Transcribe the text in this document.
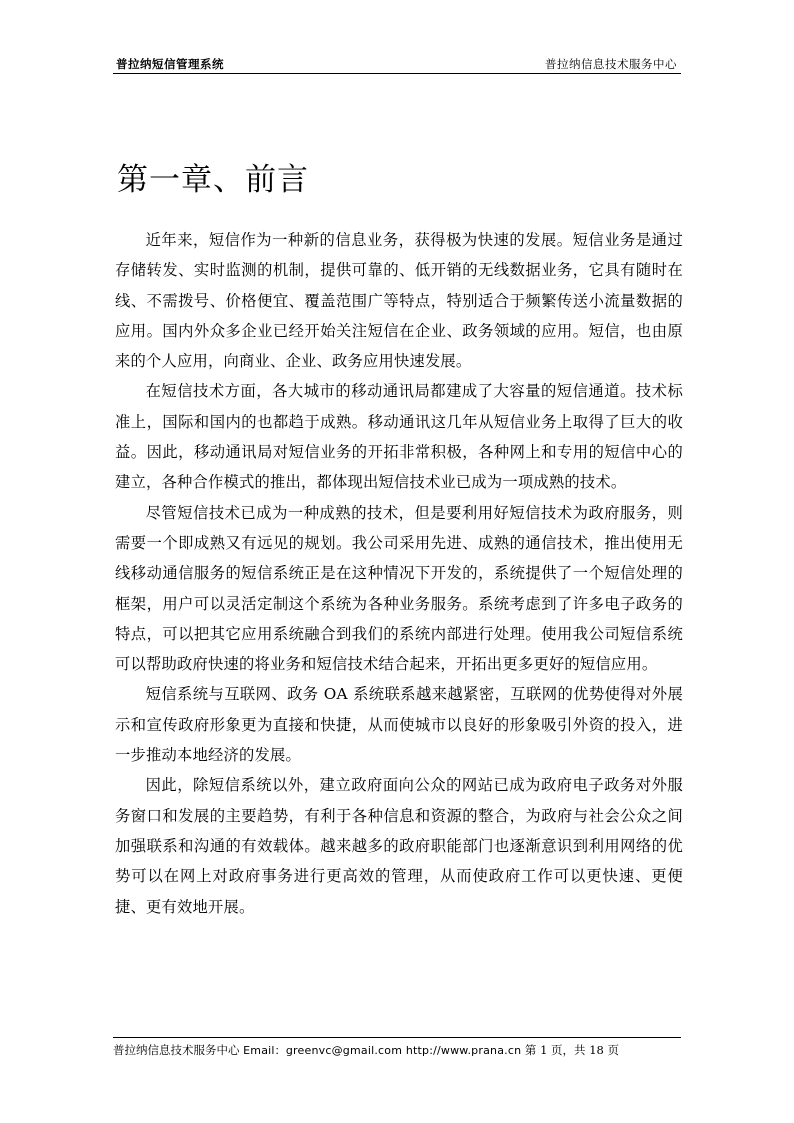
普拉纳短信管理系统	普拉纳信息技术服务中心
第一章、前言

近年来，短信作为一种新的信息业务，获得极为快速的发展。短信业务是通过存储转发、实时监测的机制，提供可靠的、低开销的无线数据业务，它具有随时在线、不需拨号、价格便宜、覆盖范围广等特点，特别适合于频繁传送小流量数据的应用。国内外众多企业已经开始关注短信在企业、政务领域的应用。短信，也由原来的个人应用，向商业、企业、政务应用快速发展。

在短信技术方面，各大城市的移动通讯局都建成了大容量的短信通道。技术标准上，国际和国内的也都趋于成熟。移动通讯这几年从短信业务上取得了巨大的收益。因此，移动通讯局对短信业务的开拓非常积极，各种网上和专用的短信中心的建立，各种合作模式的推出，都体现出短信技术业已成为一项成熟的技术。

尽管短信技术已成为一种成熟的技术，但是要利用好短信技术为政府服务，则需要一个即成熟又有远见的规划。我公司采用先进、成熟的通信技术，推出使用无线移动通信服务的短信系统正是在这种情况下开发的，系统提供了一个短信处理的框架，用户可以灵活定制这个系统为各种业务服务。系统考虑到了许多电子政务的特点，可以把其它应用系统融合到我们的系统内部进行处理。使用我公司短信系统可以帮助政府快速的将业务和短信技术结合起来，开拓出更多更好的短信应用。

短信系统与互联网、政务 OA 系统联系越来越紧密，互联网的优势使得对外展示和宣传政府形象更为直接和快捷，从而使城市以良好的形象吸引外资的投入，进一步推动本地经济的发展。

因此，除短信系统以外，建立政府面向公众的网站已成为政府电子政务对外服务窗口和发展的主要趋势，有利于各种信息和资源的整合，为政府与社会公众之间加强联系和沟通的有效载体。越来越多的政府职能部门也逐渐意识到利用网络的优势可以在网上对政府事务进行更高效的管理，从而使政府工作可以更快速、更便捷、更有效地开展。

普拉纳信息技术服务中心 Email：greenvc@gmail.com http://www.prana.cn 第 1 页，共 18 页
